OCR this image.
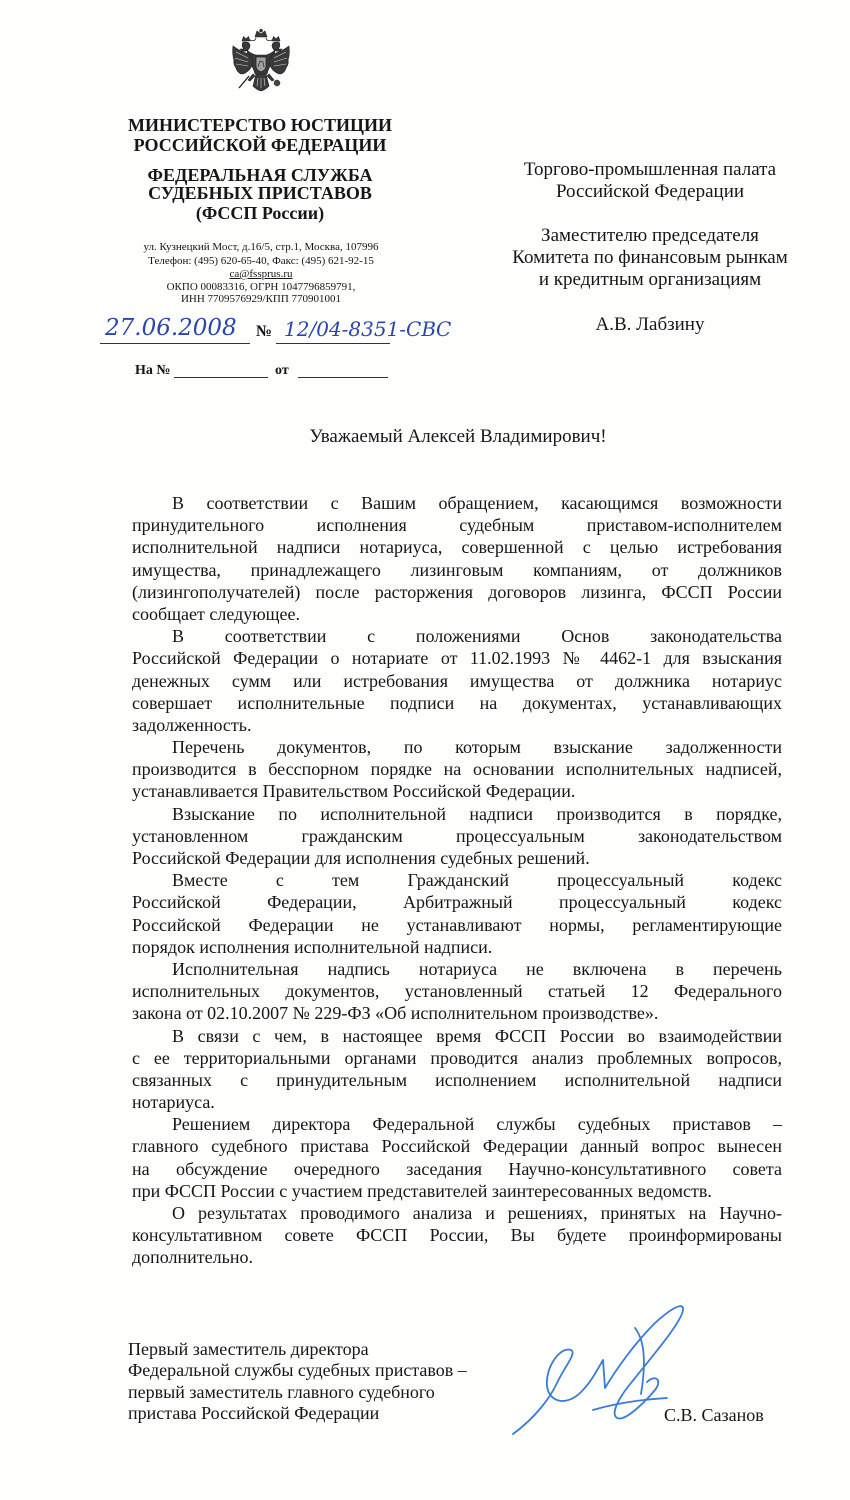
МИНИСТЕРСТВО ЮСТИЦИИ
РОССИЙСКОЙ ФЕДЕРАЦИИ
ФЕДЕРАЛЬНАЯ СЛУЖБА
СУДЕБНЫХ ПРИСТАВОВ
(ФССП России)
ул. Кузнецкий Мост, д.16/5, стр.1, Москва, 107996
Телефон: (495) 620-65-40, Факс: (495) 621-92-15
ca@fssprus.ru
ОКПО 00083316, ОГРН 1047796859791,
ИНН 7709576929/КПП 770901001
27.06.2008 № 12/04-8351-СВС
На №	от
Торгово-промышленная палата
Российской Федерации
Заместителю председателя
Комитета по финансовым рынкам
и кредитным организациям
А.В. Лабзину
Уважаемый Алексей Владимирович!
В соответствии с Вашим обращением, касающимся возможности
принудительного исполнения судебным приставом-исполнителем
исполнительной надписи нотариуса, совершенной с целью истребования
имущества, принадлежащего лизинговым компаниям, от должников
(лизингополучателей) после расторжения договоров лизинга, ФССП России
сообщает следующее.
В соответствии с положениями Основ законодательства
Российской Федерации о нотариате от 11.02.1993 № 4462-1 для взыскания
денежных сумм или истребования имущества от должника нотариус
совершает исполнительные подписи на документах, устанавливающих
задолженность.
Перечень документов, по которым взыскание задолженности
производится в бесспорном порядке на основании исполнительных надписей,
устанавливается Правительством Российской Федерации.
Взыскание по исполнительной надписи производится в порядке,
установленном гражданским процессуальным законодательством
Российской Федерации для исполнения судебных решений.
Вместе с тем Гражданский процессуальный кодекс
Российской Федерации, Арбитражный процессуальный кодекс
Российской Федерации не устанавливают нормы, регламентирующие
порядок исполнения исполнительной надписи.
Исполнительная надпись нотариуса не включена в перечень
исполнительных документов, установленный статьей 12 Федерального
закона от 02.10.2007 № 229-ФЗ «Об исполнительном производстве».
В связи с чем, в настоящее время ФССП России во взаимодействии
с ее территориальными органами проводится анализ проблемных вопросов,
связанных с принудительным исполнением исполнительной надписи
нотариуса.
Решением директора Федеральной службы судебных приставов –
главного судебного пристава Российской Федерации данный вопрос вынесен
на обсуждение очередного заседания Научно-консультативного совета
при ФССП России с участием представителей заинтересованных ведомств.
О результатах проводимого анализа и решениях, принятых на Научно-
консультативном совете ФССП России, Вы будете проинформированы
дополнительно.
Первый заместитель директора
Федеральной службы судебных приставов –
первый заместитель главного судебного
пристава Российской Федерации	С.В. Сазанов
